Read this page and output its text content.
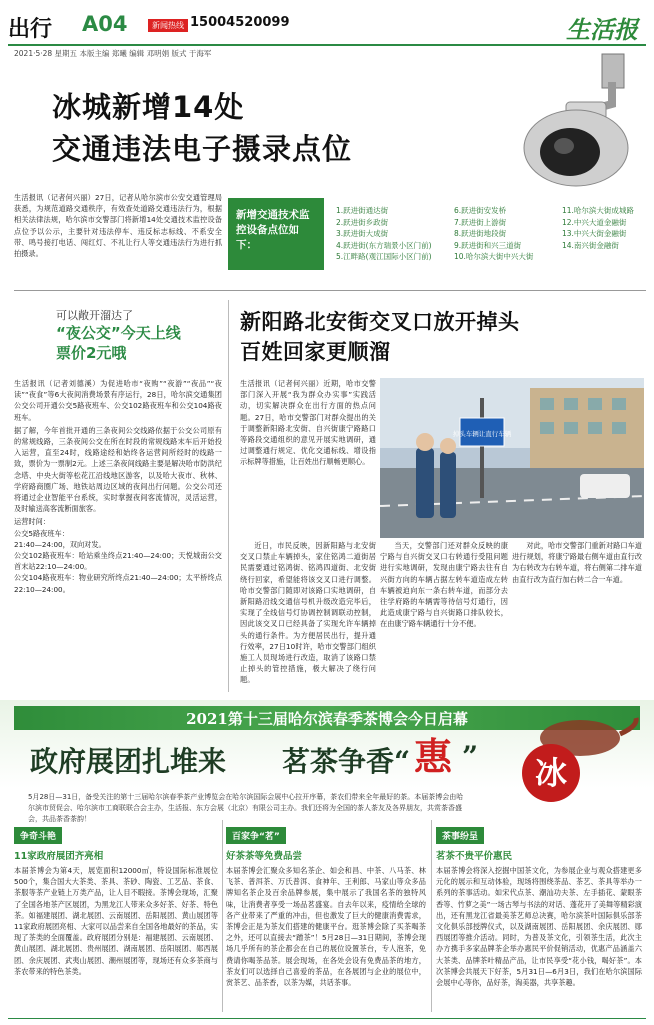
出行 A04	新闻热线 15004520099	生活报
2021·5·28 星期五 本版主编 郑曦 编辑 邓明娟 版式 于海军
冰城新增14处
交通违法电子摄录点位
生活报讯（记者何兴丽）27日，记者从哈尔滨市公安交通管理局获悉，为规范道路交通秩序，有效查处道路交通违法行为，根据相关法律法规，哈尔滨市交警部门将新增14处交通技术监控设备点位予以公示，主要针对违法停车、违反标志标线、不系安全带、鸣号接打电话、闯红灯、不礼让行人等交通违法行为进行抓拍摄录。
新增交通技术监控设备点位如下：
1.跃进街通达街
2.跃进街乡政街
3.跃进街大成街
4.跃进街(东方瑞景小区门前)
5.江畔路(观江国际小区门前)
6.跃进街安发桥
7.跃进街上游街
8.跃进街地段街
9.跃进街和兴三道街
10.哈尔滨大街中兴大街
11.哈尔滨大街成城路
12.中兴大道金融街
13.中兴大街金融街
14.南兴街金融街
可以敞开溜达了
“夜公交”今天上线
票价2元哦
生活报讯（记者刘德溪）为促进哈市“夜购”“夜游”“夜品”“夜读”“夜食”等6大夜间消费场景有序运行，28日，哈尔滨交通集团公交公司开通公交5路夜班车、公交102路夜班车和公交104路夜班车。
据了解，今年首批开通的三条夜间公交线路依据于公交公司原有的常规线路，三条夜间公交在所在时段的常规线路末车后开始投入运营，直至24时，线路途经和始终各运营间所经时的线路一致，票价为一票制2元。上述三条夜间线路主要是解决哈市防洪纪念塔、中央大街等松花江沿线地区游客，以及哈大夜市、秋林、学府路商圈广场、地铁站周边区域的夜间出行问题。公交公司还将通过企业智能平台系统，实时掌握夜间客流情况，灵活运营，及时输送高客流断面旅客。
运营时间：
公交5路夜班车：
21:40—24:00，双向对发。
公交102路夜班车：哈站乘坐终点21:40—24:00；天悦城南公交首末站22:10—24:00。
公交104路夜班车：物业研究所终点21:40—24:00；太平桥终点22:10—24:00。
新阳路北安街交叉口放开掉头
百姓回家更顺溜
掉头车辆让直行车辆
生活报讯（记者何兴丽）近期，哈市交警部门深入开展“我为群众办实事”实践活动，切实解决群众在出行方面的热点问题。27日，哈市交警部门对群众提出的关于调整新阳路北安街、自兴街康宁路路口等路段交通组织的意见开展实地调研，通过调整通行规定、优化交通标线、增设指示标牌等措施，让百姓出行顺畅更顺心。
近日，市民反映，因新阳路与北安街交叉口禁止车辆掉头，家住铭鸿二道街居民需要通过铭鸿街、铭鸿四道街、北安街绕行回家，希望能将该交叉口进行调整。哈市交警部门随即对该路口实地调研，自新阳路沿线交通信号机升级改造完毕后，实现了全线信号灯协调控制调联动控制，因此该交叉口已经具备了实现允许车辆掉头的通行条件。为方便居民出行，提升通行效率，27日10时许，哈市交警部门组织施工人员现场进行改造，取消了该路口禁止掉头的管控措施，极大解决了绕行问题。
当天，交警部门还对群众反映的康宁路与自兴街交叉口右转通行受阻问题进行实地调研，发现由康宁路去往有自兴街方向的车辆占据左转车道造成左转车辆被迫向东一条右转车道，而部分去往学府路的车辆需等待信号灯通行，因此造成康宁路与自兴街路口排队较长，在由康宁路车辆通行十分不便。
对此，哈市交警部门重新对路口车道进行规划，将康宁路最右侧车道由直行改为右转改为右转车道，将右侧第二排车道由直行改为直行加右转二合一车道。
2021第十三届哈尔滨春季茶博会今日启幕
政府展团扎堆来 茗茶争香“ 惠 ”	冰城
5月28日—31日，备受关注的第十三届哈尔滨春季茶产业博览会在哈尔滨国际会展中心拉开序幕，茶农们带来全年最好的茶。本届茶博会由哈尔滨市贸促会、哈尔滨市工商联联合会主办，生活报、东方会展（北京）有限公司主办。我们还将为全国的茶人茶友及各界朋友，共赏茶香盛会，共品茶香茶韵！
争奇斗艳
11家政府展团齐亮相
本届茶博会为第4天，展览面积12000㎡，特设国际标准展位500个，集合国大大茶类、茶具、茶砂、陶瓷、工艺品、茶食、茶服等茶产业链上万类产品，让人目不暇接。茶博会现场，汇聚了全国各地茶产区展团，为黑龙江人带来众多好茶、好茶、特色茶。如福建展团、湖北展团、云南展团、岳阳展团、黄山展团等11家政府展团亮相、大家可以品尝来自全国各地最好的茶品，实现了茶类的全面覆盖。政府展团分别是：福建展团、云南展团、黄山展团、湖北展团、贵州展团、湖南展团、岳阳展团、郧西展团、余庆展团、武夷山展团、潮州展团等，现场还有众多茶商与茶农带来的特色茶类。
百家争“茗”
好茶茶等免费品尝
本届茶博会汇聚众多知名茶企、如会和昌、中茶、八马茶、林飞茶、普洱茶、万氏普洱、食神年、王利郎、马家山等众多品牌知名茶企及百余品牌参展，集中展示了我国名茶的独特风味，让消费者享受一场品茗盛宴。自去年以来，疫情给全球的各产业带来了严重的冲击，但也激发了巨大的健康消费需求，茶博会正是为茶友们搭建的健康平台。逛茶博会除了买茶喝茶之外，还可以直接去“蹭茶”！5月28日—31日期间，茶博会现场几乎所有的茶企都会在自己的展位设置茶台，专人泡茶，免费请你喝茶品茶。展会现场，在各处会设有免费品茶的地方，茶友们可以选择自己喜爱的茶品，在各展团与企业的展位中，赏茶艺、品茶香，以茶为媒，共话茶事。
茶事纷呈
茗茶不贵平价惠民
本届茶博会将深入挖掘中国茶文化，为参展企业与观众搭建更多元化的展示和互动体验，现场将围绕茶品、茶艺、茶具等举办一系列的茶事活动。如宋代点茶、潮汕功夫茶、左手插花、蒙眼茶香等、竹萝之美”一场古琴与书法的对话、蓬花开了美舞等精彩演出，还有黑龙江省最美茶艺师总决赛，哈尔滨茶叶国际俱乐部茶文化俱乐部授牌仪式，以及湖南展团、岳阳展团、余庆展团、郧西展团等推介活动。同时，为普及茶文化，引领茶生活，此次主办方携手多家品牌茶企举办惠民平价促销活动，优惠产品涵盖六大茶类、品牌茶叶精品产品，让市民享受“花小钱，喝好茶”。本次茶博会共展天下好茶，5月31日—6月3日，我们在哈尔滨国际会展中心等你，品好茶，淘美器，共享茶趣。
